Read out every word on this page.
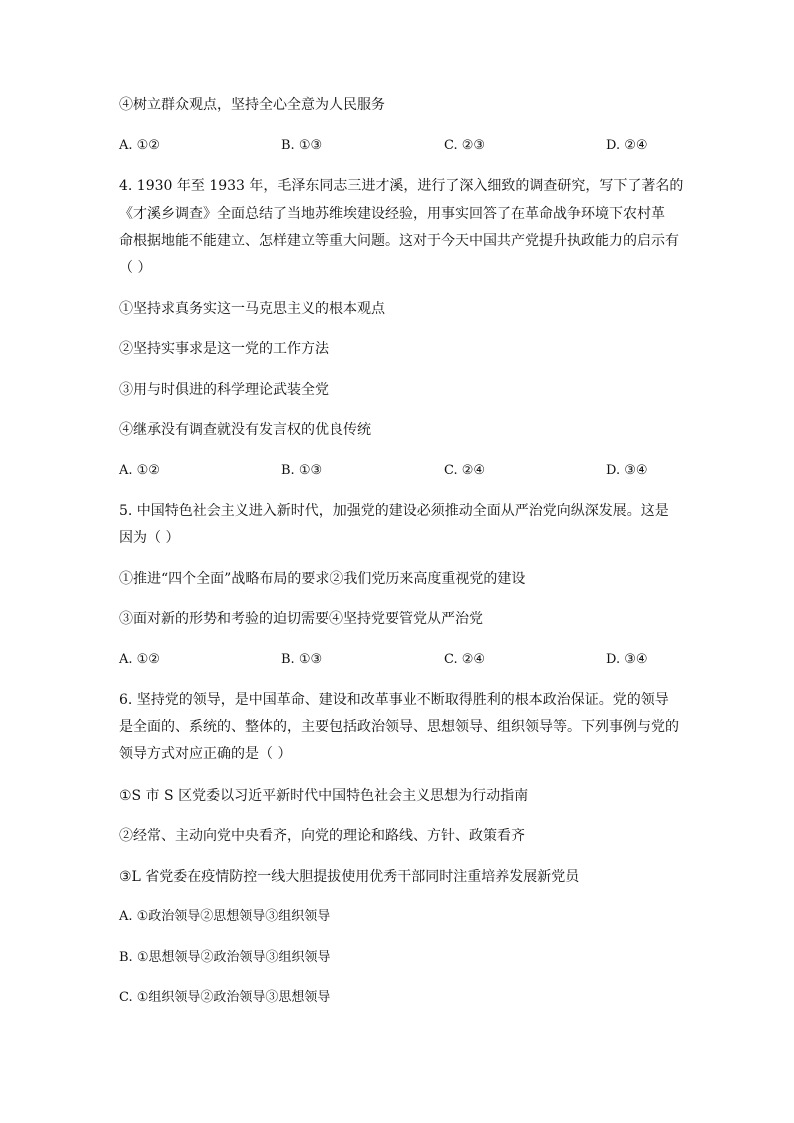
④树立群众观点，坚持全心全意为人民服务
A. ①②	B. ①③	C. ②③	D. ②④
4. 1930 年至 1933 年，毛泽东同志三进才溪，进行了深入细致的调查研究，写下了著名的
《才溪乡调查》全面总结了当地苏维埃建设经验，用事实回答了在革命战争环境下农村革
命根据地能不能建立、怎样建立等重大问题。这对于今天中国共产党提升执政能力的启示有
（ ）
①坚持求真务实这一马克思主义的根本观点
②坚持实事求是这一党的工作方法
③用与时俱进的科学理论武装全党
④继承没有调查就没有发言权的优良传统
A. ①②	B. ①③	C. ②④	D. ③④
5. 中国特色社会主义进入新时代，加强党的建设必须推动全面从严治党向纵深发展。这是
因为（ ）
①推进“四个全面”战略布局的要求②我们党历来高度重视党的建设
③面对新的形势和考验的迫切需要④坚持党要管党从严治党
A. ①②	B. ①③	C. ②④	D. ③④
6. 坚持党的领导，是中国革命、建设和改革事业不断取得胜利的根本政治保证。党的领导
是全面的、系统的、整体的，主要包括政治领导、思想领导、组织领导等。下列事例与党的
领导方式对应正确的是（ ）
①S 市 S 区党委以习近平新时代中国特色社会主义思想为行动指南
②经常、主动向党中央看齐，向党的理论和路线、方针、政策看齐
③L 省党委在疫情防控一线大胆提拔使用优秀干部同时注重培养发展新党员
A. ①政治领导②思想领导③组织领导
B. ①思想领导②政治领导③组织领导
C. ①组织领导②政治领导③思想领导
